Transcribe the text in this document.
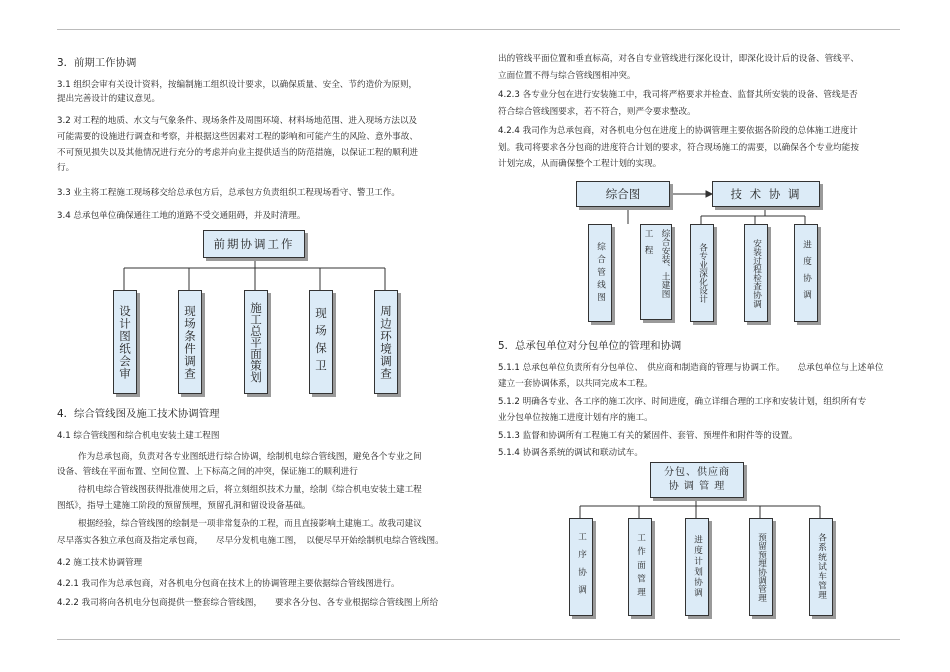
3．前期工作协调
3.1 组织会审有关设计资料，按编制施工组织设计要求，以确保质量、安全、节约造价为原则，
提出完善设计的建议意见。
3.2 对工程的地质、水文与气象条件、现场条件及周围环境、材料场地范围、进入现场方法以及
可能需要的设施进行调查和考察，并根据这些因素对工程的影响和可能产生的风险、意外事故、
不可预见损失以及其他情况进行充分的考虑并向业主提供适当的防范措施，以保证工程的顺利进
行。
3.3 业主将工程施工现场移交给总承包方后，总承包方负责组织工程现场看守、警卫工作。
3.4 总承包单位确保通往工地的道路不受交通阻碍，并及时清理。
前期协调工作
设计图纸会审	现场条件调查	施工总平面策划	现场保卫	周边环境调查
4．综合管线图及施工技术协调管理
4.1 综合管线图和综合机电安装土建工程图
作为总承包商，负责对各专业图纸进行综合协调，绘制机电综合管线图，避免各个专业之间
设备、管线在平面布置、空间位置、上下标高之间的冲突，保证施工的顺利进行
待机电综合管线图获得批准使用之后，将立刻组织技术力量，绘制《综合机电安装土建工程
图纸》，指导土建施工阶段的预留预埋，预留孔洞和留设设备基础。
根据经验，综合管线图的绘制是一项非常复杂的工程，而且直接影响土建施工。故我司建议
尽早落实各独立承包商及指定承包商，　　尽早分发机电施工图，　以便尽早开始绘制机电综合管线图。
4.2 施工技术协调管理
4.2.1 我司作为总承包商，对各机电分包商在技术上的协调管理主要依据综合管线图进行。
4.2.2 我司将向各机电分包商提供一整套综合管线图，　　要求各分包、各专业根据综合管线图上所给
出的管线平面位置和垂直标高，对各自专业管线进行深化设计，即深化设计后的设备、管线平、
立面位置不得与综合管线图相冲突。
4.2.3 各专业分包在进行安装施工中，我司将严格要求并检查、监督其所安装的设备、管线是否
符合综合管线图要求，若不符合，则严令要求整改。
4.2.4 我司作为总承包商，对各机电分包在进度上的协调管理主要依据各阶段的总体施工进度计
划。我司将要求各分包商的进度符合计划的要求，符合现场施工的需要，以确保各个专业均能按
计划完成，从而确保整个工程计划的实现。
综合图	技 术 协 调
综合管线图	工程 综合安装、土建图	各专业深化设计	安装过程检查协调	进度协调
5．总承包单位对分包单位的管理和协调
5.1.1 总承包单位负责所有分包单位、　供应商和制造商的管理与协调工作。　　总承包单位与上述单位
建立一套协调体系，以共同完成本工程。
5.1.2 明确各专业、各工序的施工次序、时间进度，确立详细合理的工序和安装计划，组织所有专
业分包单位按施工进度计划有序的施工。
5.1.3 监督和协调所有工程施工有关的紧固件、套管、预埋件和附件等的设置。
5.1.4 协调各系统的调试和联动试车。
分包、供应商
协 调 管 理
工序协调	工作面管理	进度计划协调	预留预埋协调管理	各系统试车管理
